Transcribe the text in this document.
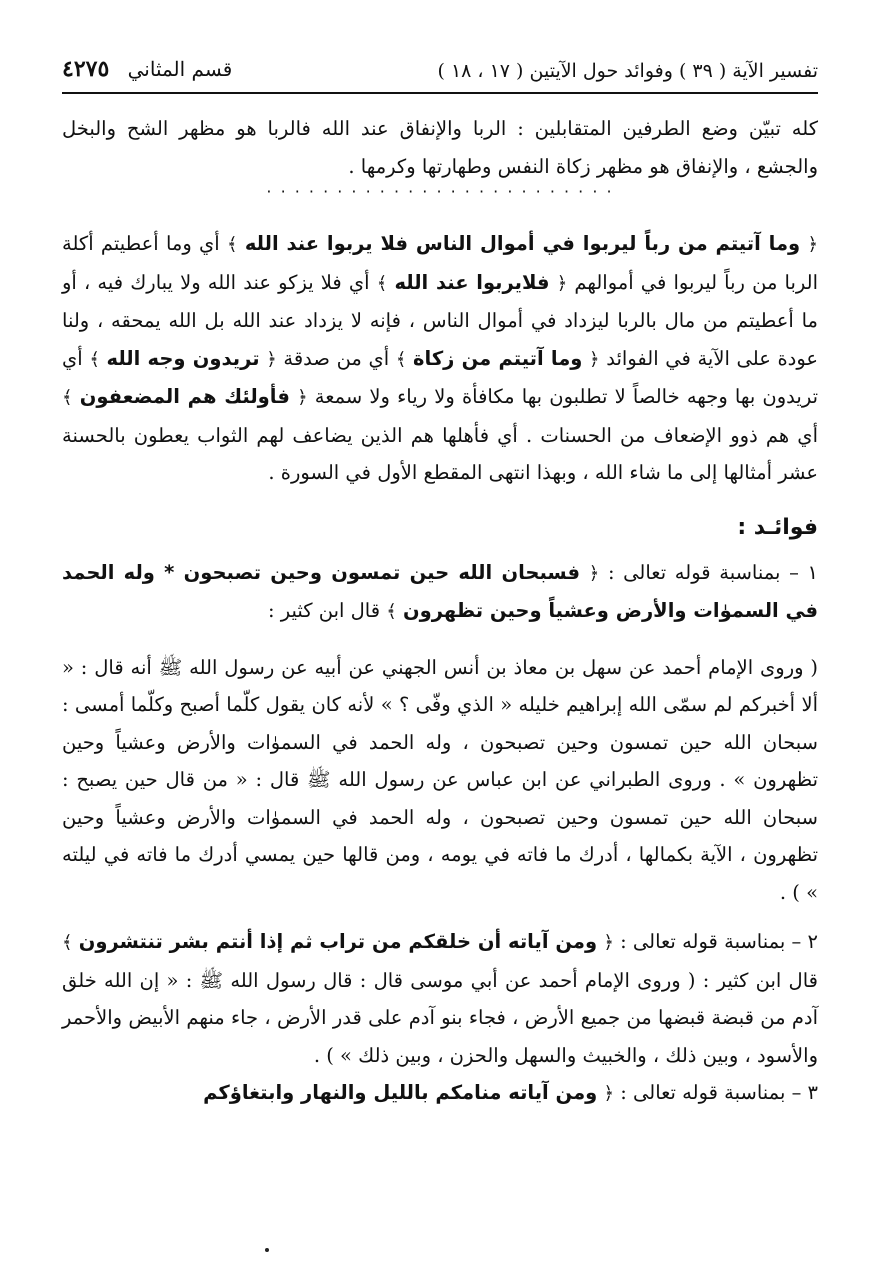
تفسير الآية ( ٣٩ ) وفوائد حول الآيتين ( ١٧ ، ١٨ )
قسم المثاني ٤٢٧٥

كله تبيّن وضع الطرفين المتقابلين : الربا والإنفاق عند الله فالربا هو مظهر الشح والبخل والجشع ، والإنفاق هو مظهر زكاة النفس وطهارتها وكرمها .

· · · · · · · · · · · · · · · · · · · · · · · · ·

﴿ وما آتيتم من رباً ليربوا في أموال الناس فلا يربوا عند الله ﴾ أي وما أعطيتم أكلة الربا من رباً ليربوا في أموالهم ﴿ فلايربوا عند الله ﴾ أي فلا يزكو عند الله ولا يبارك فيه ، أو ما أعطيتم من مال بالربا ليزداد في أموال الناس ، فإنه لا يزداد عند الله بل الله يمحقه ، ولنا عودة على الآية في الفوائد ﴿ وما آتيتم من زكاة ﴾ أي من صدقة ﴿ تريدون وجه الله ﴾ أي تريدون بها وجهه خالصاً لا تطلبون بها مكافأة ولا رياء ولا سمعة ﴿ فأولئك هم المضعفون ﴾ أي هم ذوو الإضعاف من الحسنات . أي فأهلها هم الذين يضاعف لهم الثواب يعطون بالحسنة عشر أمثالها إلى ما شاء الله ، وبهذا انتهى المقطع الأول في السورة .

فوائـد :

١ – بمناسبة قوله تعالى : ﴿ فسبحان الله حين تمسون وحين تصبحون * وله الحمد في السموٰات والأرض وعشياً وحين تظهرون ﴾ قال ابن كثير :

( وروى الإمام أحمد عن سهل بن معاذ بن أنس الجهني عن أبيه عن رسول الله ﷺ أنه قال : « ألا أخبركم لم سمّى الله إبراهيم خليله « الذي وفّى ؟ » لأنه كان يقول كلّما أصبح وكلّما أمسى : سبحان الله حين تمسون وحين تصبحون ، وله الحمد في السموٰات والأرض وعشياً وحين تظهرون » . وروى الطبراني عن ابن عباس عن رسول الله ﷺ قال : « من قال حين يصبح : سبحان الله حين تمسون وحين تصبحون ، وله الحمد في السموٰات والأرض وعشياً وحين تظهرون ، الآية بكمالها ، أدرك ما فاته في يومه ، ومن قالها حين يمسي أدرك ما فاته في ليلته » ) .

٢ – بمناسبة قوله تعالى : ﴿ ومن آياته أن خلقكم من تراب ثم إذا أنتم بشر تنتشرون ﴾ قال ابن كثير : ( وروى الإمام أحمد عن أبي موسى قال : قال رسول الله ﷺ : « إن الله خلق آدم من قبضة قبضها من جميع الأرض ، فجاء بنو آدم على قدر الأرض ، جاء منهم الأبيض والأحمر والأسود ، وبين ذلك ، والخبيث والسهل والحزن ، وبين ذلك » ) .

٣ – بمناسبة قوله تعالى : ﴿ ومن آياته منامكم بالليل والنهار وابتغاؤكم
